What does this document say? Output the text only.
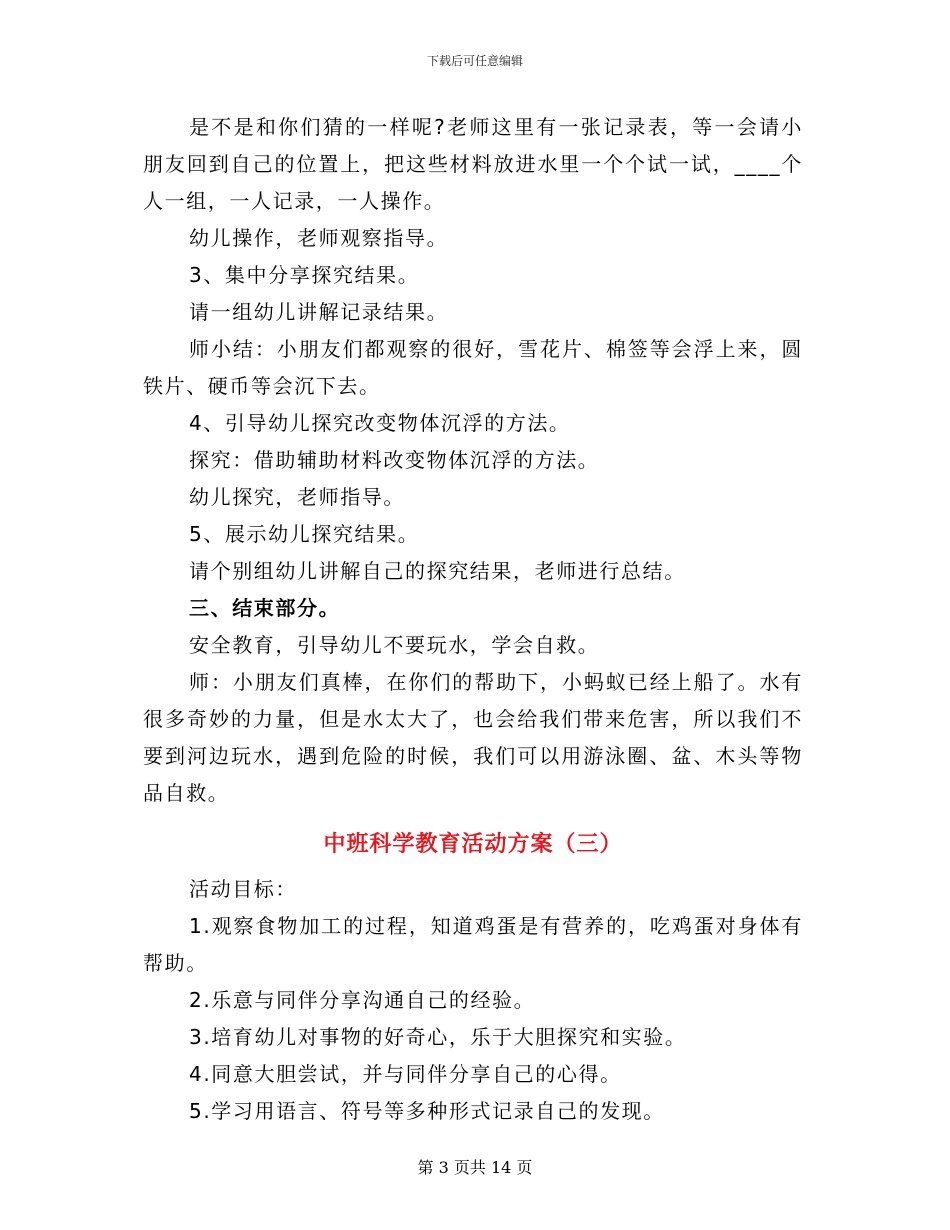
下载后可任意编辑

是不是和你们猜的一样呢?老师这里有一张记录表，等一会请小朋友回到自己的位置上，把这些材料放进水里一个个试一试，____个人一组，一人记录，一人操作。

幼儿操作，老师观察指导。

3、集中分享探究结果。

请一组幼儿讲解记录结果。

师小结：小朋友们都观察的很好，雪花片、棉签等会浮上来，圆铁片、硬币等会沉下去。

4、引导幼儿探究改变物体沉浮的方法。

探究：借助辅助材料改变物体沉浮的方法。

幼儿探究，老师指导。

5、展示幼儿探究结果。

请个别组幼儿讲解自己的探究结果，老师进行总结。

三、结束部分。

安全教育，引导幼儿不要玩水，学会自救。

师：小朋友们真棒，在你们的帮助下，小蚂蚁已经上船了。水有很多奇妙的力量，但是水太大了，也会给我们带来危害，所以我们不要到河边玩水，遇到危险的时候，我们可以用游泳圈、盆、木头等物品自救。

中班科学教育活动方案（三）

活动目标：

1.观察食物加工的过程，知道鸡蛋是有营养的，吃鸡蛋对身体有帮助。

2.乐意与同伴分享沟通自己的经验。

3.培育幼儿对事物的好奇心，乐于大胆探究和实验。

4.同意大胆尝试，并与同伴分享自己的心得。

5.学习用语言、符号等多种形式记录自己的发现。

第 3 页共 14 页
